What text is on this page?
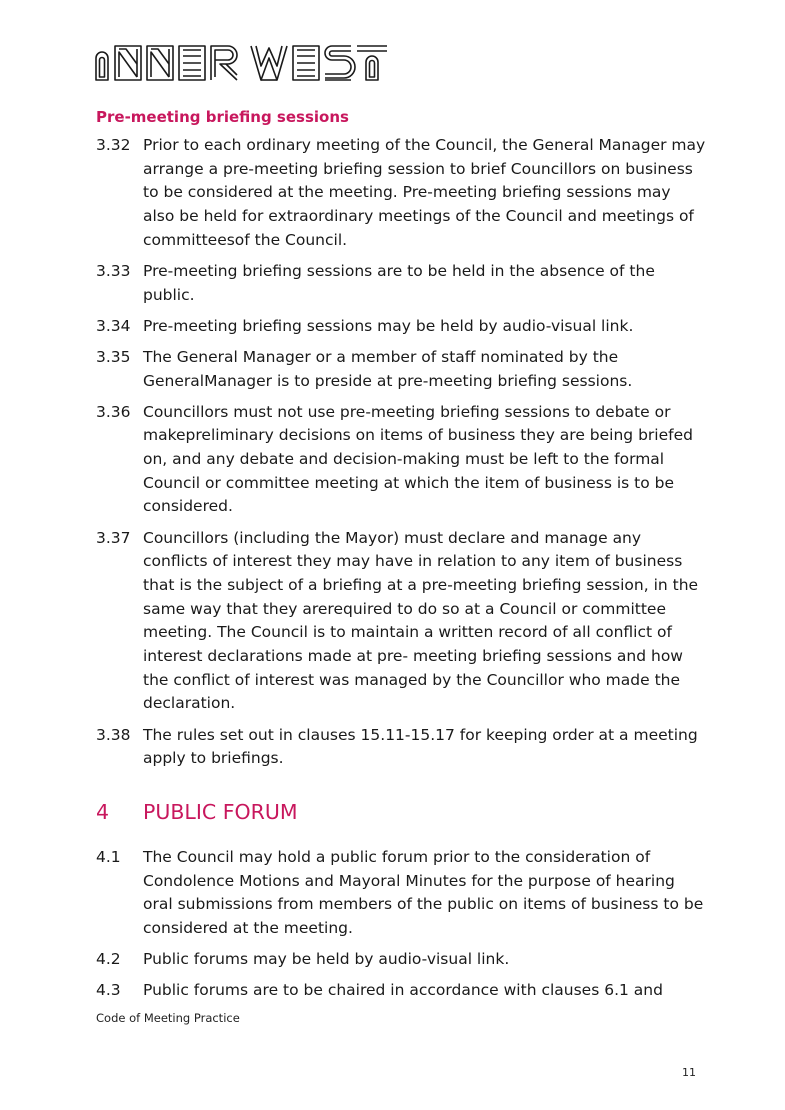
Pre-meeting briefing sessions
3.32 Prior to each ordinary meeting of the Council, the General Manager may arrange a pre-meeting briefing session to brief Councillors on business to be considered at the meeting. Pre-meeting briefing sessions may also be held for extraordinary meetings of the Council and meetings of committeesof the Council.
3.33 Pre-meeting briefing sessions are to be held in the absence of the public.
3.34 Pre-meeting briefing sessions may be held by audio-visual link.
3.35 The General Manager or a member of staff nominated by the GeneralManager is to preside at pre-meeting briefing sessions.
3.36 Councillors must not use pre-meeting briefing sessions to debate or makepreliminary decisions on items of business they are being briefed on, and any debate and decision-making must be left to the formal Council or committee meeting at which the item of business is to be considered.
3.37 Councillors (including the Mayor) must declare and manage any conflicts of interest they may have in relation to any item of business that is the subject of a briefing at a pre-meeting briefing session, in the same way that they arerequired to do so at a Council or committee meeting. The Council is to maintain a written record of all conflict of interest declarations made at pre- meeting briefing sessions and how the conflict of interest was managed by the Councillor who made the declaration.
3.38 The rules set out in clauses 15.11-15.17 for keeping order at a meeting apply to briefings.
4	PUBLIC FORUM
4.1	The Council may hold a public forum prior to the consideration of Condolence Motions and Mayoral Minutes for the purpose of hearing oral submissions from members of the public on items of business to be considered at the meeting.
4.2	Public forums may be held by audio-visual link.
4.3	Public forums are to be chaired in accordance with clauses 6.1 and
Code of Meeting Practice
11
